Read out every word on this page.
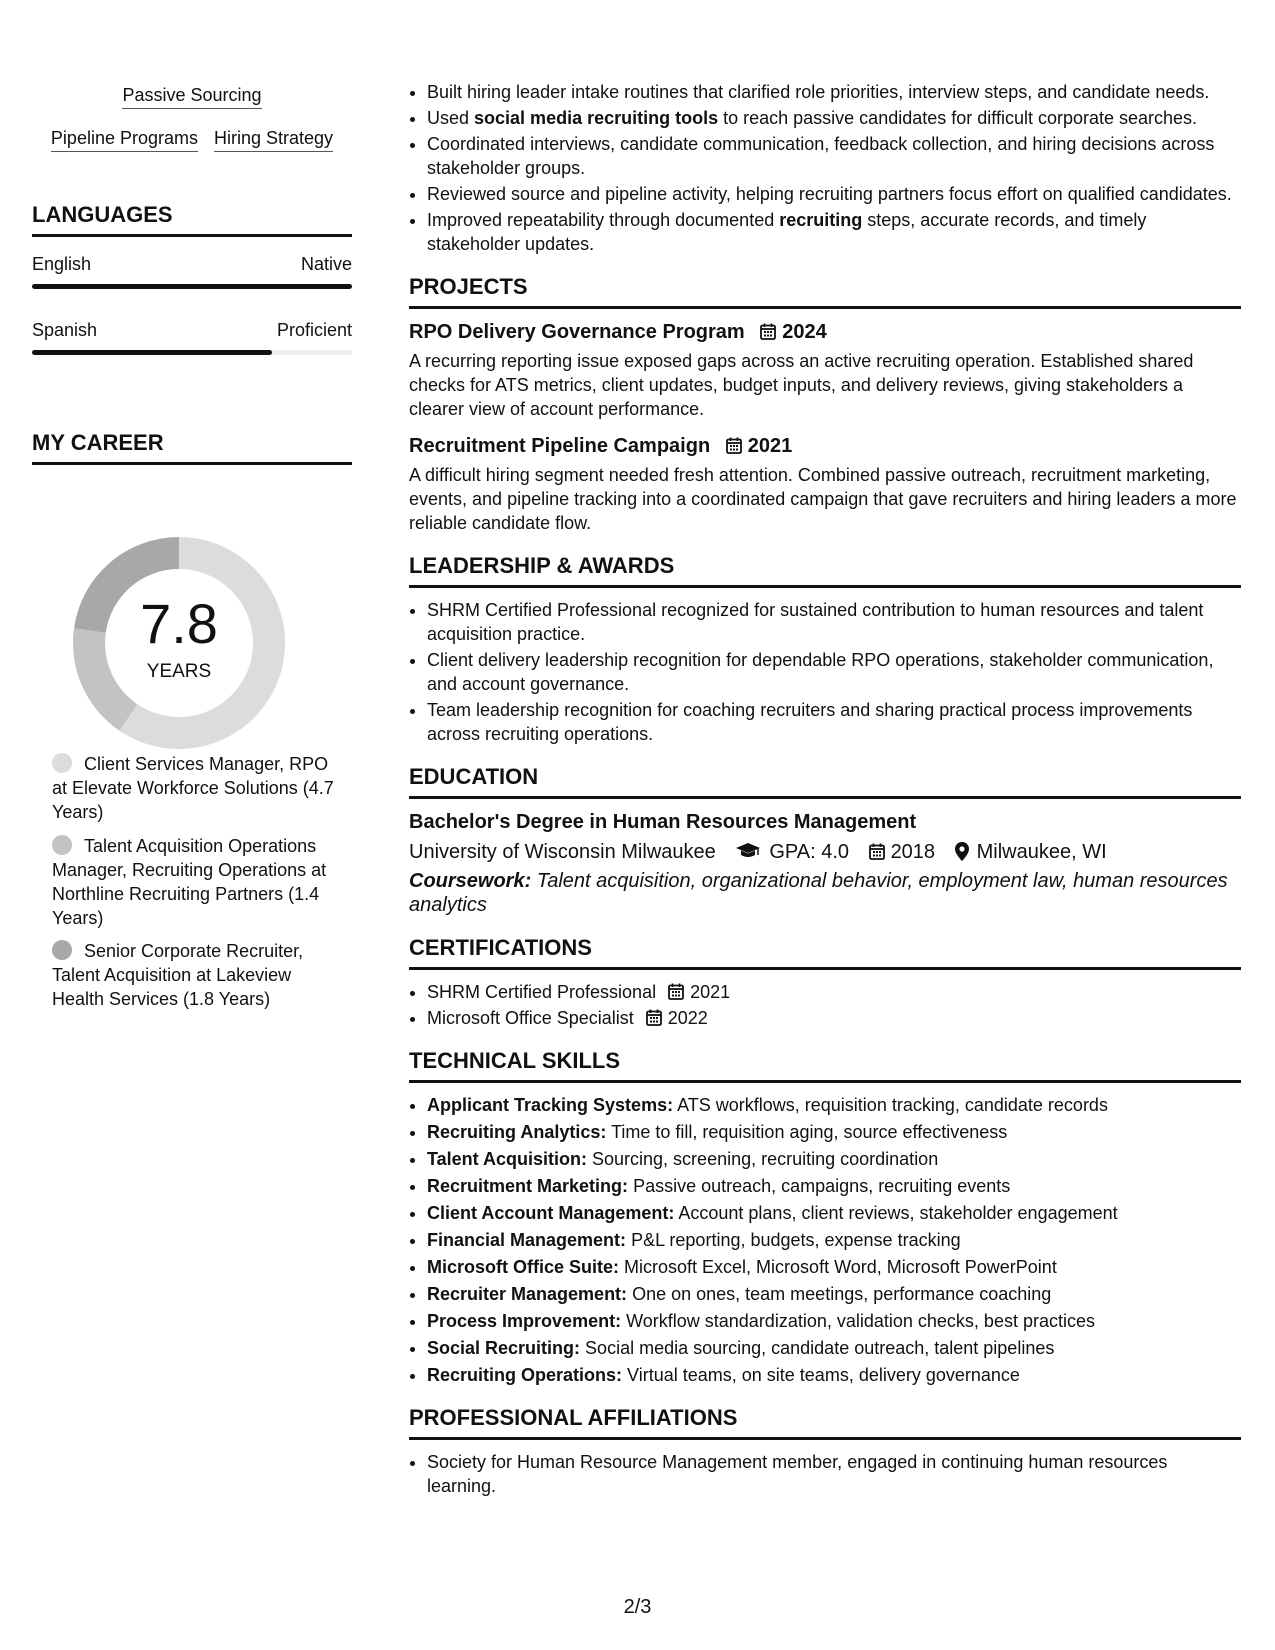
Passive Sourcing
Pipeline Programs Hiring Strategy
LANGUAGES
English	Native
Spanish	Proficient
MY CAREER
7.8
YEARS
Client Services Manager, RPO at Elevate Workforce Solutions (4.7 Years)
Talent Acquisition Operations Manager, Recruiting Operations at Northline Recruiting Partners (1.4 Years)
Senior Corporate Recruiter, Talent Acquisition at Lakeview Health Services (1.8 Years)
• Built hiring leader intake routines that clarified role priorities, interview steps, and candidate needs.
• Used social media recruiting tools to reach passive candidates for difficult corporate searches.
• Coordinated interviews, candidate communication, feedback collection, and hiring decisions across stakeholder groups.
• Reviewed source and pipeline activity, helping recruiting partners focus effort on qualified candidates.
• Improved repeatability through documented recruiting steps, accurate records, and timely stakeholder updates.
PROJECTS
RPO Delivery Governance Program 2024
A recurring reporting issue exposed gaps across an active recruiting operation. Established shared checks for ATS metrics, client updates, budget inputs, and delivery reviews, giving stakeholders a clearer view of account performance.
Recruitment Pipeline Campaign 2021
A difficult hiring segment needed fresh attention. Combined passive outreach, recruitment marketing, events, and pipeline tracking into a coordinated campaign that gave recruiters and hiring leaders a more reliable candidate flow.
LEADERSHIP & AWARDS
• SHRM Certified Professional recognized for sustained contribution to human resources and talent acquisition practice.
• Client delivery leadership recognition for dependable RPO operations, stakeholder communication, and account governance.
• Team leadership recognition for coaching recruiters and sharing practical process improvements across recruiting operations.
EDUCATION
Bachelor's Degree in Human Resources Management
University of Wisconsin Milwaukee	GPA: 4.0 2018 Milwaukee, WI
Coursework: Talent acquisition, organizational behavior, employment law, human resources analytics
CERTIFICATIONS
• SHRM Certified Professional 2021
• Microsoft Office Specialist 2022
TECHNICAL SKILLS
• Applicant Tracking Systems: ATS workflows, requisition tracking, candidate records
• Recruiting Analytics: Time to fill, requisition aging, source effectiveness
• Talent Acquisition: Sourcing, screening, recruiting coordination
• Recruitment Marketing: Passive outreach, campaigns, recruiting events
• Client Account Management: Account plans, client reviews, stakeholder engagement
• Financial Management: P&L reporting, budgets, expense tracking
• Microsoft Office Suite: Microsoft Excel, Microsoft Word, Microsoft PowerPoint
• Recruiter Management: One on ones, team meetings, performance coaching
• Process Improvement: Workflow standardization, validation checks, best practices
• Social Recruiting: Social media sourcing, candidate outreach, talent pipelines
• Recruiting Operations: Virtual teams, on site teams, delivery governance
PROFESSIONAL AFFILIATIONS
• Society for Human Resource Management member, engaged in continuing human resources learning.
2/3
